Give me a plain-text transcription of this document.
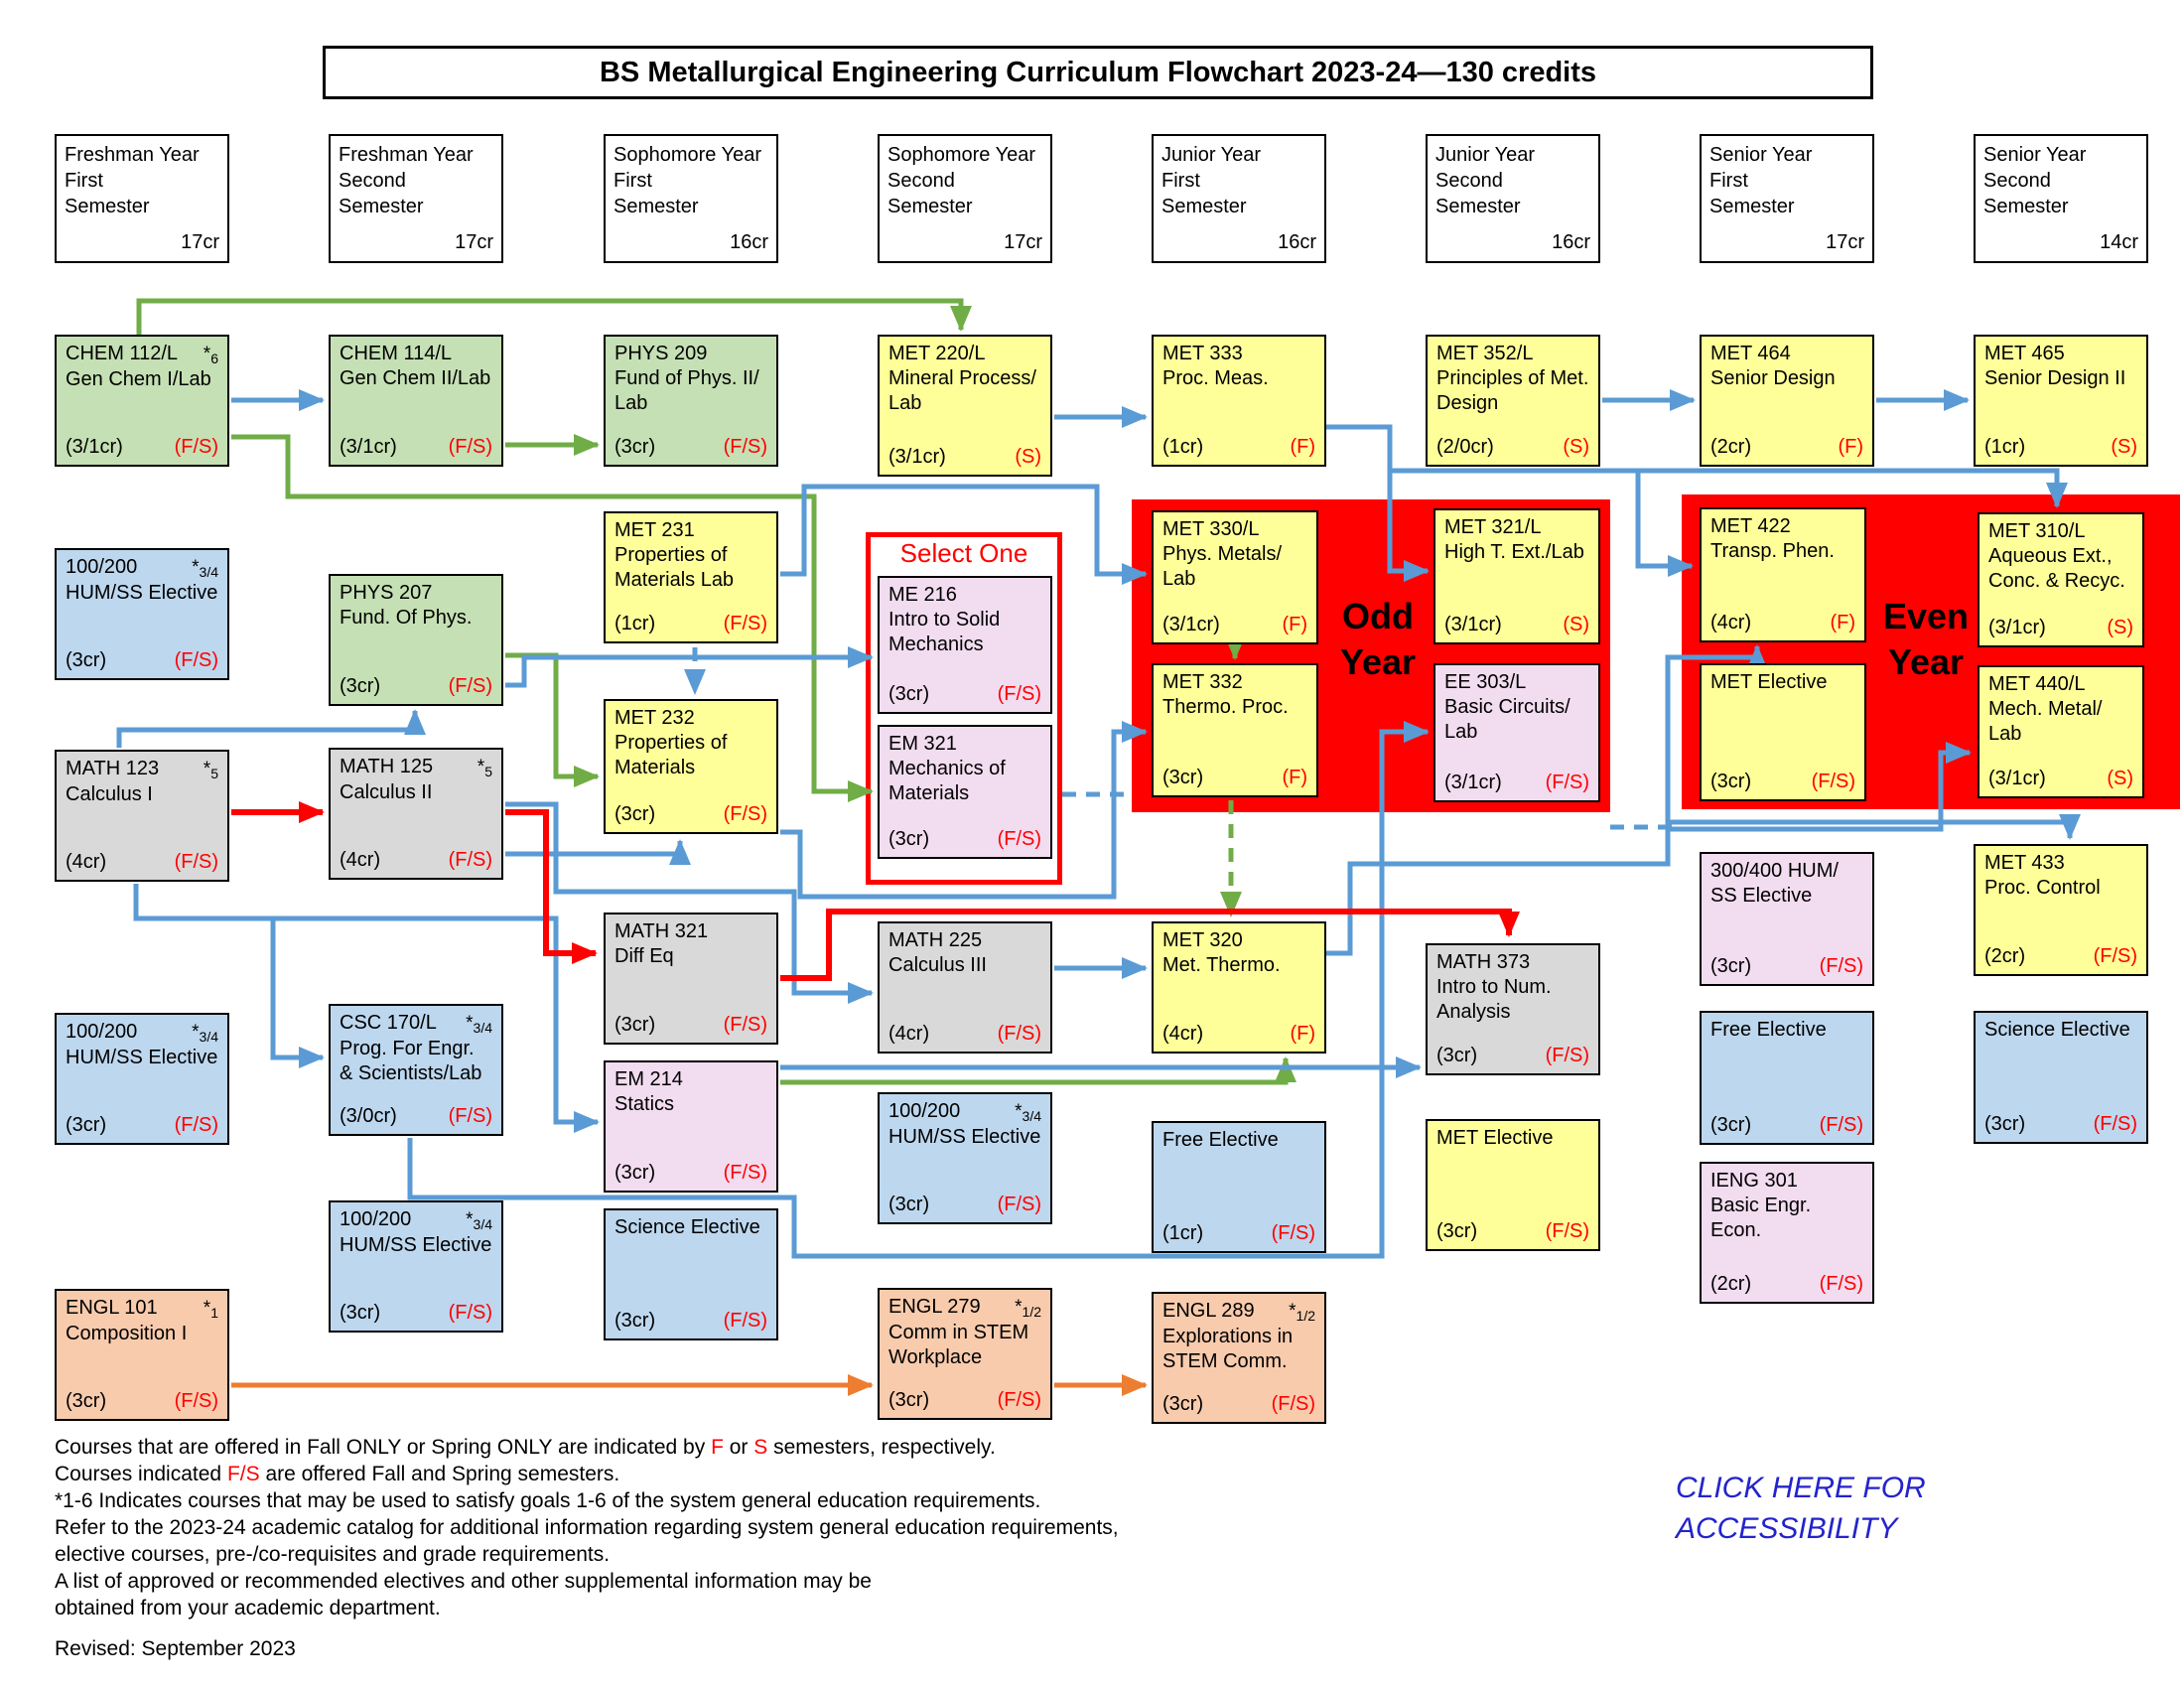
BS Metallurgical Engineering Curriculum Flowchart 2023-24—130 credits
Odd Year
Even Year
Select One
Freshman Year
First
Semester
17cr
Freshman Year
Second
Semester
17cr
Sophomore Year
First
Semester
16cr
Sophomore Year
Second
Semester
17cr
Junior Year
First
Semester
16cr
Junior Year
Second
Semester
16cr
Senior Year
First
Semester
17cr
Senior Year
Second
Semester
14cr
CHEM 112/L $*_6$
Gen Chem I/Lab
(3/1cr)	(F/S)
100/200	$*_{3/4}$
HUM/SS Elective
(3cr)	(F/S)
MATH 123 $*_5$
Calculus I
(4cr)	(F/S)
100/200	$*_{3/4}$
HUM/SS Elective
(3cr)	(F/S)
ENGL 101 $*_1$
Composition I
(3cr)	(F/S)
CHEM 114/L
Gen Chem II/Lab
(3/1cr)	(F/S)
PHYS 207
Fund. Of Phys.
(3cr)	(F/S)
MATH 125 $*_5$
Calculus II
(4cr)	(F/S)
CSC 170/L $*_{3/4}$
Prog. For Engr. & Scientists/Lab
(3/0cr)	(F/S)
100/200	$*_{3/4}$
HUM/SS Elective
(3cr)	(F/S)
PHYS 209
Fund of Phys. II/ Lab
(3cr)	(F/S)
MET 231
Properties of Materials Lab
(1cr)	(F/S)
MET 232
Properties of Materials
(3cr)	(F/S)
MATH 321
Diff Eq
(3cr)	(F/S)
EM 214
Statics
(3cr)	(F/S)
Science Elective
(3cr)	(F/S)
MET 220/L
Mineral Process/ Lab
(3/1cr)	(S)
ME 216
Intro to Solid Mechanics
(3cr)	(F/S)
EM 321
Mechanics of Materials
(3cr)	(F/S)
MATH 225
Calculus III
(4cr)	(F/S)
100/200	$*_{3/4}$
HUM/SS Elective
(3cr)	(F/S)
ENGL 279 $*_{1/2}$
Comm in STEM Workplace
(3cr)	(F/S)
MET 333
Proc. Meas.
(1cr)	(F)
MET 330/L
Phys. Metals/ Lab
(3/1cr)	(F)
MET 332
Thermo. Proc.
(3cr)	(F)
MET 320
Met. Thermo.
(4cr)	(F)
Free Elective
(1cr)	(F/S)
ENGL 289 $*_{1/2}$
Explorations in STEM Comm.
(3cr)	(F/S)
MET 352/L
Principles of Met. Design
(2/0cr)	(S)
MET 321/L
High T. Ext./Lab
(3/1cr)	(S)
EE 303/L
Basic Circuits/ Lab
(3/1cr) (F/S)
MATH 373
Intro to Num. Analysis
(3cr)	(F/S)
MET Elective
(3cr)	(F/S)
MET 464
Senior Design
(2cr)	(F)
MET 422
Transp. Phen.
(4cr)	(F)
MET Elective
(3cr)	(F/S)
300/400 HUM/
SS Elective
(3cr)	(F/S)
Free Elective
(3cr)	(F/S)
IENG 301
Basic Engr. Econ.
(2cr)	(F/S)
MET 465
Senior Design II
(1cr)	(S)
MET 310/L
Aqueous Ext., Conc. & Recyc.
(3/1cr)	(S)
MET 440/L
Mech. Metal/ Lab
(3/1cr)	(S)
MET 433
Proc. Control
(2cr)	(F/S)
Science Elective
(3cr)	(F/S)
Courses that are offered in Fall ONLY or Spring ONLY are indicated by F or S semesters, respectively.
Courses indicated F/S are offered Fall and Spring semesters.
*1-6 Indicates courses that may be used to satisfy goals 1-6 of the system general education requirements.
Refer to the 2023-24 academic catalog for additional information regarding system general education requirements,
elective courses, pre-/co-requisites and grade requirements.
A list of approved or recommended electives and other supplemental information may be
obtained from your academic department.
Revised: September 2023
CLICK HERE FOR ACCESSIBILITY
